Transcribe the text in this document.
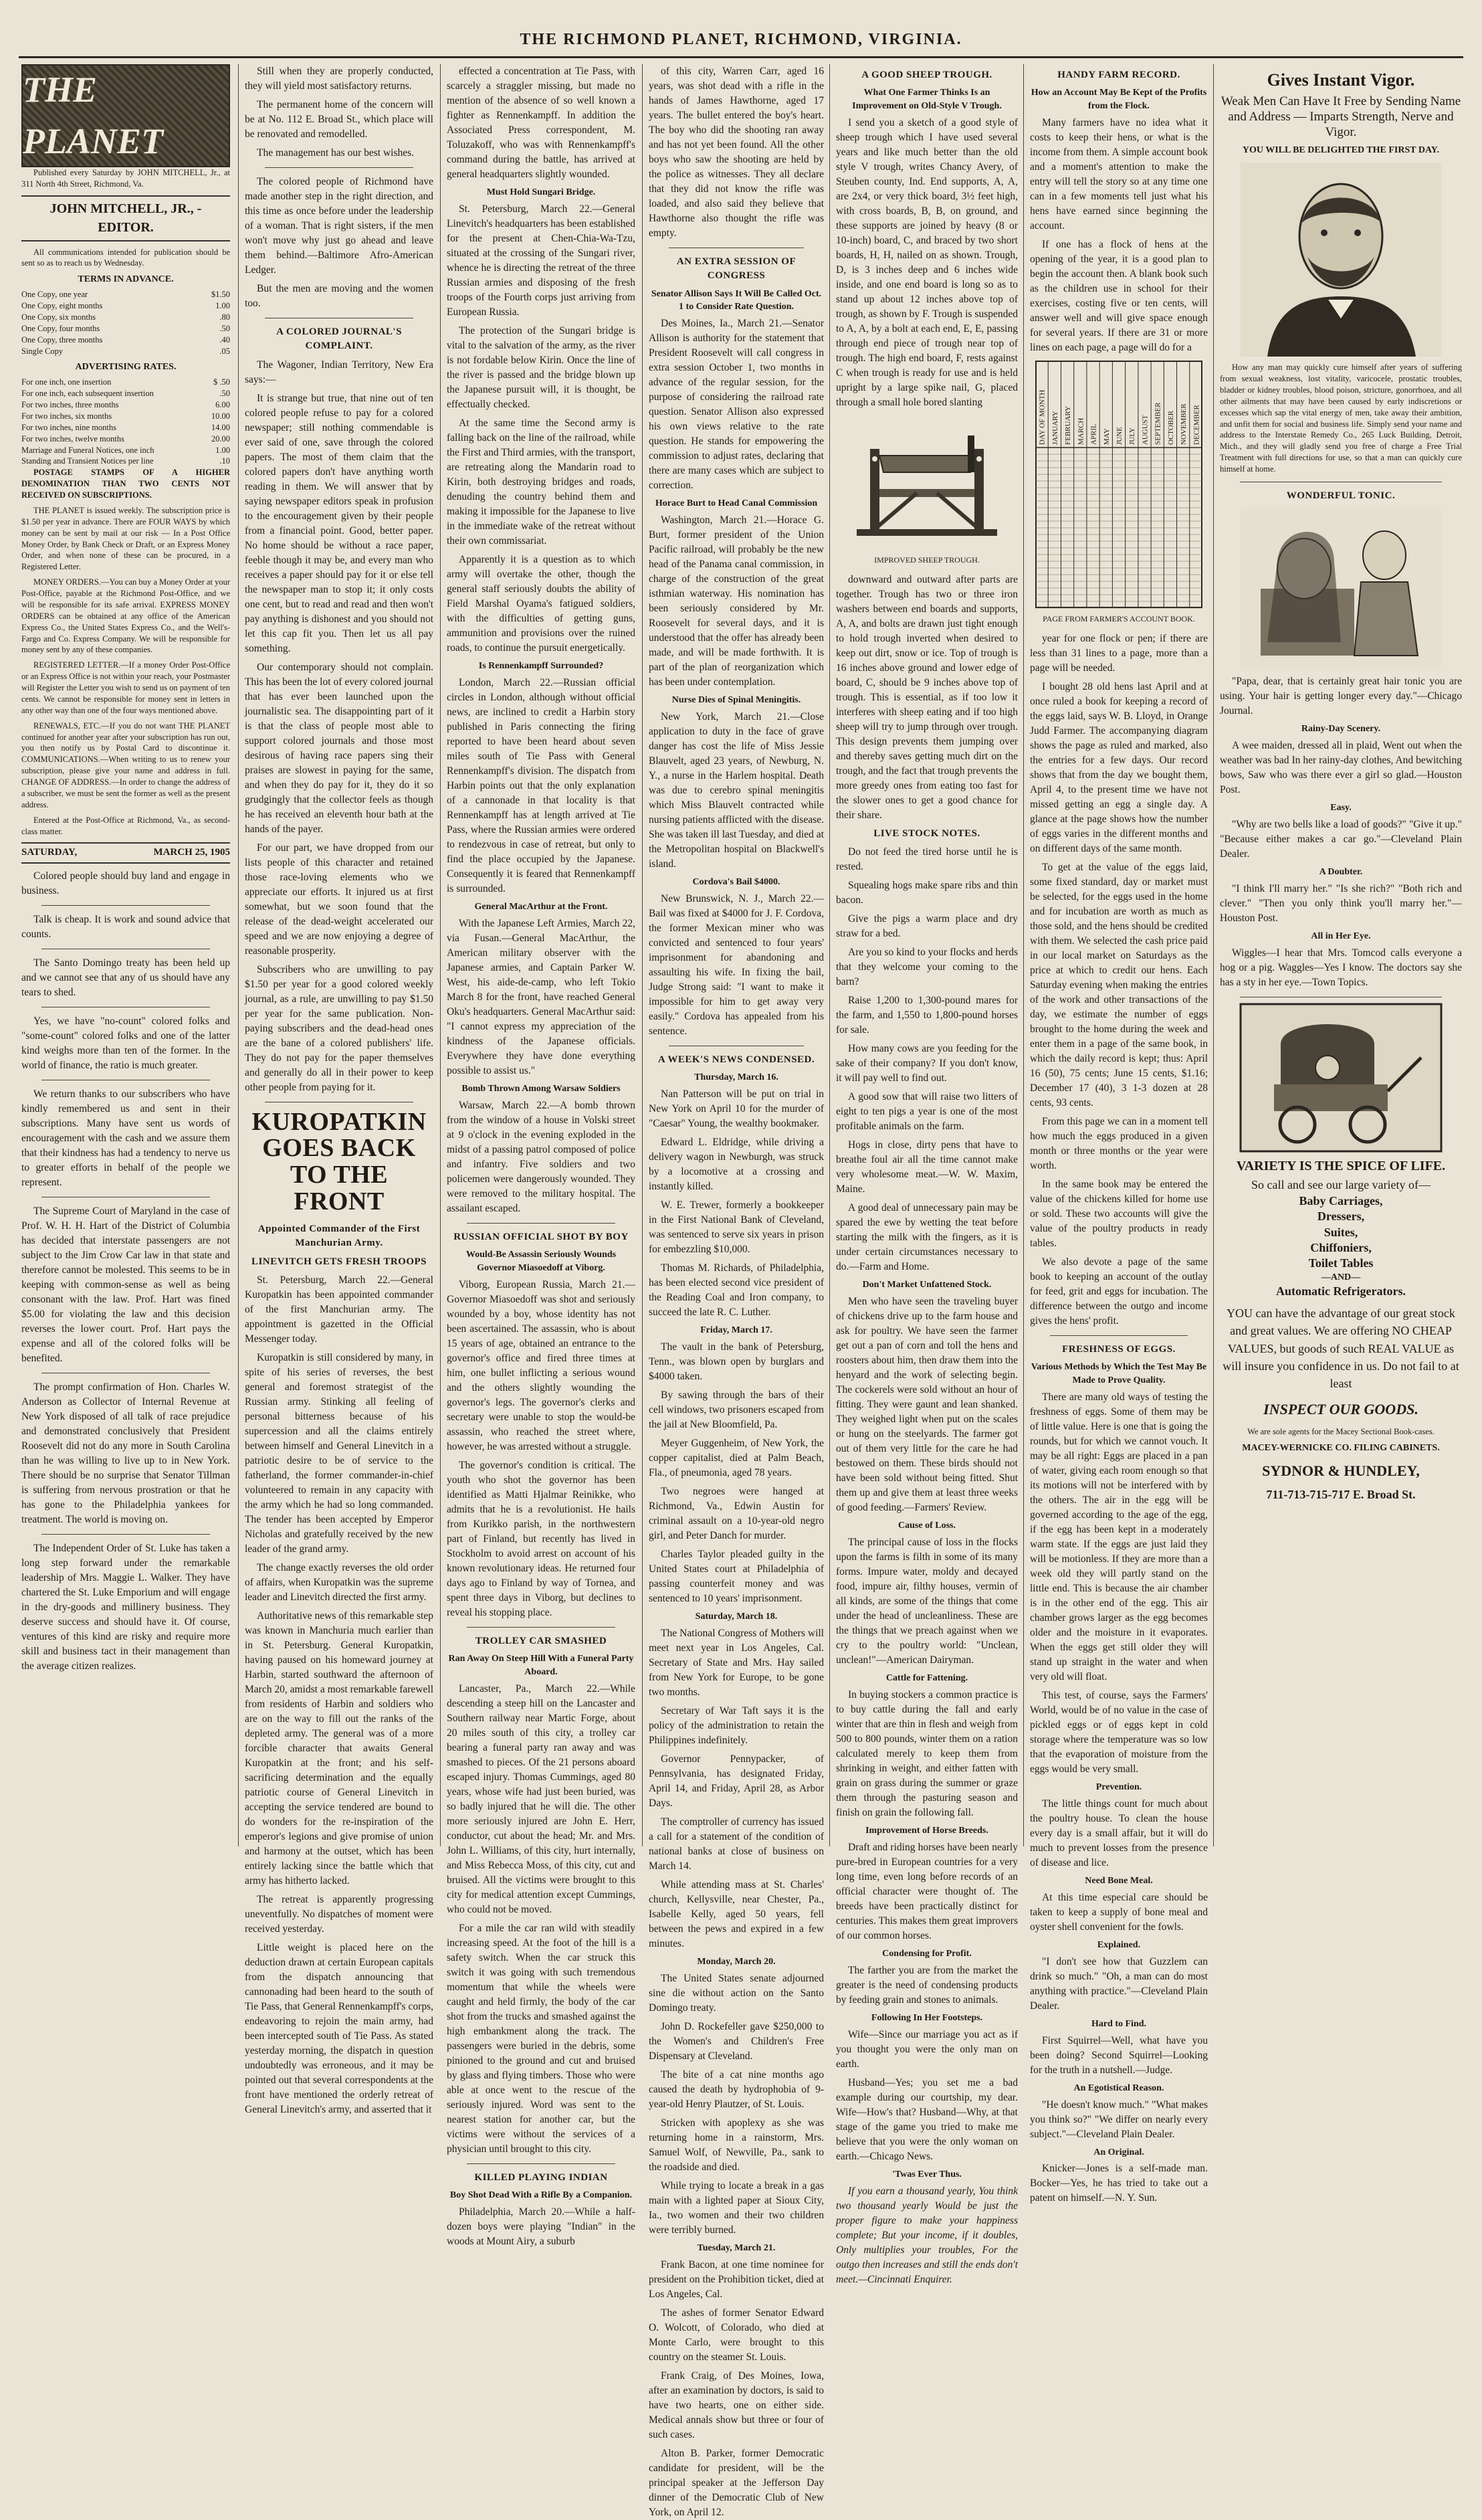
THE RICHMOND PLANET, RICHMOND, VIRGINIA.
THE PLANET

Published every Saturday by JOHN MITCHELL, Jr., at 311 North 4th Street, Richmond, Va.

JOHN MITCHELL, JR., - EDITOR.

All communications intended for publication should be sent so as to reach us by Wednesday.

TERMS IN ADVANCE.
One Copy, one year	$1.50
One Copy, eight months	1.00
One Copy, six months	.80
One Copy, four months	.50
One Copy, three months	.40
Single Copy	.05
ADVERTISING RATES.
For one inch, one insertion	$ .50
For one inch, each subsequent insertion	.50
For two inches, three months	6.00
For two inches, six months	10.00
For two inches, nine months	14.00
For two inches, twelve months	20.00
Marriage and Funeral Notices, one inch	1.00
Standing and Transient Notices per line	.10

POSTAGE STAMPS OF A HIGHER DENOMINATION THAN TWO CENTS NOT RECEIVED ON SUBSCRIPTIONS.

THE PLANET is issued weekly. The subscription price is $1.50 per year in advance. There are FOUR WAYS by which money can be sent by mail at our risk — In a Post Office Money Order, by Bank Check or Draft, or an Express Money Order, and when none of these can be procured, in a Registered Letter.

MONEY ORDERS.—You can buy a Money Order at your Post-Office, payable at the Richmond Post-Office, and we will be responsible for its safe arrival. EXPRESS MONEY ORDERS can be obtained at any office of the American Express Co., the United States Express Co., and the Well's-Fargo and Co. Express Company. We will be responsible for money sent by any of these companies.

REGISTERED LETTER.—If a money Order Post-Office or an Express Office is not within your reach, your Postmaster will Register the Letter you wish to send us on payment of ten cents. We cannot be responsible for money sent in letters in any other way than one of the four ways mentioned above.

RENEWALS, ETC.—If you do not want THE PLANET continued for another year after your subscription has run out, you then notify us by Postal Card to discontinue it. COMMUNICATIONS.—When writing to us to renew your subscription, please give your name and address in full. CHANGE OF ADDRESS.—In order to change the address of a subscriber, we must be sent the former as well as the present address.

Entered at the Post-Office at Richmond, Va., as second-class matter.

SATURDAY,	MARCH 25, 1905

Colored people should buy land and engage in business.

Talk is cheap. It is work and sound advice that counts.

The Santo Domingo treaty has been held up and we cannot see that any of us should have any tears to shed.

Yes, we have "no-count" colored folks and "some-count" colored folks and one of the latter kind weighs more than ten of the former. In the world of finance, the ratio is much greater.

We return thanks to our subscribers who have kindly remembered us and sent in their subscriptions. Many have sent us words of encouragement with the cash and we assure them that their kindness has had a tendency to nerve us to greater efforts in behalf of the people we represent.

The Supreme Court of Maryland in the case of Prof. W. H. H. Hart of the District of Columbia has decided that interstate passengers are not subject to the Jim Crow Car law in that state and therefore cannot be molested. This seems to be in keeping with common-sense as well as being consonant with the law. Prof. Hart was fined $5.00 for violating the law and this decision reverses the lower court. Prof. Hart pays the expense and all of the colored folks will be benefited.

The prompt confirmation of Hon. Charles W. Anderson as Collector of Internal Revenue at New York disposed of all talk of race prejudice and demonstrated conclusively that President Roosevelt did not do any more in South Carolina than he was willing to live up to in New York. There should be no surprise that Senator Tillman is suffering from nervous prostration or that he has gone to the Philadelphia yankees for treatment. The world is moving on.

The Independent Order of St. Luke has taken a long step forward under the remarkable leadership of Mrs. Maggie L. Walker. They have chartered the St. Luke Emporium and will engage in the dry-goods and millinery business. They deserve success and should have it. Of course, ventures of this kind are risky and require more skill and business tact in their management than the average citizen realizes.

Still when they are properly conducted, they will yield most satisfactory returns.

The permanent home of the concern will be at No. 112 E. Broad St., which place will be renovated and remodelled.

The management has our best wishes.

The colored people of Richmond have made another step in the right direction, and this time as once before under the leadership of a woman. That is right sisters, if the men won't move why just go ahead and leave them behind.—Baltimore Afro-American Ledger.

But the men are moving and the women too.

A COLORED JOURNAL'S COMPLAINT.

The Wagoner, Indian Territory, New Era says:—

It is strange but true, that nine out of ten colored people refuse to pay for a colored newspaper; still nothing commendable is ever said of one, save through the colored papers. The most of them claim that the colored papers don't have anything worth reading in them. We will answer that by saying newspaper editors speak in profusion to the encouragement given by their people from a financial point. Good, better paper. No home should be without a race paper, feeble though it may be, and every man who receives a paper should pay for it or else tell the newspaper man to stop it; it only costs one cent, but to read and read and then won't pay anything is dishonest and you should not let this cap fit you. Then let us all pay something.

Our contemporary should not complain. This has been the lot of every colored journal that has ever been launched upon the journalistic sea. The disappointing part of it is that the class of people most able to support colored journals and those most desirous of having race papers sing their praises are slowest in paying for the same, and when they do pay for it, they do it so grudgingly that the collector feels as though he has received an eleventh hour bath at the hands of the payer.

For our part, we have dropped from our lists people of this character and retained those race-loving elements who we appreciate our efforts. It injured us at first somewhat, but we soon found that the release of the dead-weight accelerated our speed and we are now enjoying a degree of reasonable prosperity.

Subscribers who are unwilling to pay $1.50 per year for a good colored weekly journal, as a rule, are unwilling to pay $1.50 per year for the same publication. Non-paying subscribers and the dead-head ones are the bane of a colored publishers' life. They do not pay for the paper themselves and generally do all in their power to keep other people from paying for it.

KUROPATKIN GOES BACK TO THE FRONT
Appointed Commander of the First Manchurian Army.
LINEVITCH GETS FRESH TROOPS

St. Petersburg, March 22.—General Kuropatkin has been appointed commander of the first Manchurian army. The appointment is gazetted in the Official Messenger today.

Kuropatkin is still considered by many, in spite of his series of reverses, the best general and foremost strategist of the Russian army. Stinking all feeling of personal bitterness because of his supercession and all the claims entirely between himself and General Linevitch in a patriotic desire to be of service to the fatherland, the former commander-in-chief volunteered to remain in any capacity with the army which he had so long commanded. The tender has been accepted by Emperor Nicholas and gratefully received by the new leader of the grand army.

The change exactly reverses the old order of affairs, when Kuropatkin was the supreme leader and Linevitch directed the first army.

Authoritative news of this remarkable step was known in Manchuria much earlier than in St. Petersburg. General Kuropatkin, having paused on his homeward journey at Harbin, started southward the afternoon of March 20, amidst a most remarkable farewell from residents of Harbin and soldiers who are on the way to fill out the ranks of the depleted army. The general was of a more forcible character that awaits General Kuropatkin at the front; and his self-sacrificing determination and the equally patriotic course of General Linevitch in accepting the service tendered are bound to do wonders for the re-inspiration of the emperor's legions and give promise of union and harmony at the outset, which has been entirely lacking since the battle which that army has hitherto lacked.

The retreat is apparently progressing uneventfully. No dispatches of moment were received yesterday.

Little weight is placed here on the deduction drawn at certain European capitals from the dispatch announcing that cannonading had been heard to the south of Tie Pass, that General Rennenkampff's corps, endeavoring to rejoin the main army, had been intercepted south of Tie Pass. As stated yesterday morning, the dispatch in question undoubtedly was erroneous, and it may be pointed out that several correspondents at the front have mentioned the orderly retreat of General Linevitch's army, and asserted that it

effected a concentration at Tie Pass, with scarcely a straggler missing, but made no mention of the absence of so well known a fighter as Rennenkampff. In addition the Associated Press correspondent, M. Toluzakoff, who was with Rennenkampff's command during the battle, has arrived at general headquarters slightly wounded.

Must Hold Sungari Bridge.

St. Petersburg, March 22.—General Linevitch's headquarters has been established for the present at Chen-Chia-Wa-Tzu, situated at the crossing of the Sungari river, whence he is directing the retreat of the three Russian armies and disposing of the fresh troops of the Fourth corps just arriving from European Russia.

The protection of the Sungari bridge is vital to the salvation of the army, as the river is not fordable below Kirin. Once the line of the river is passed and the bridge blown up the Japanese pursuit will, it is thought, be effectually checked.

At the same time the Second army is falling back on the line of the railroad, while the First and Third armies, with the transport, are retreating along the Mandarin road to Kirin, both destroying bridges and roads, denuding the country behind them and making it impossible for the Japanese to live in the immediate wake of the retreat without their own commissariat.

Apparently it is a question as to which army will overtake the other, though the general staff seriously doubts the ability of Field Marshal Oyama's fatigued soldiers, with the difficulties of getting guns, ammunition and provisions over the ruined roads, to continue the pursuit energetically.

Is Rennenkampff Surrounded?

London, March 22.—Russian official circles in London, although without official news, are inclined to credit a Harbin story published in Paris connecting the firing reported to have been heard about seven miles south of Tie Pass with General Rennenkampff's division. The dispatch from Harbin points out that the only explanation of a cannonade in that locality is that Rennenkampff has at length arrived at Tie Pass, where the Russian armies were ordered to rendezvous in case of retreat, but only to find the place occupied by the Japanese. Consequently it is feared that Rennenkampff is surrounded.

General MacArthur at the Front.

With the Japanese Left Armies, March 22, via Fusan.—General MacArthur, the American military observer with the Japanese armies, and Captain Parker W. West, his aide-de-camp, who left Tokio March 8 for the front, have reached General Oku's headquarters. General MacArthur said: "I cannot express my appreciation of the kindness of the Japanese officials. Everywhere they have done everything possible to assist us."

Bomb Thrown Among Warsaw Soldiers

Warsaw, March 22.—A bomb thrown from the window of a house in Volski street at 9 o'clock in the evening exploded in the midst of a passing patrol composed of police and infantry. Five soldiers and two policemen were dangerously wounded. They were removed to the military hospital. The assailant escaped.

RUSSIAN OFFICIAL SHOT BY BOY
Would-Be Assassin Seriously Wounds Governor Miasoedoff at Viborg.

Viborg, European Russia, March 21.—Governor Miasoedoff was shot and seriously wounded by a boy, whose identity has not been ascertained. The assassin, who is about 15 years of age, obtained an entrance to the governor's office and fired three times at him, one bullet inflicting a serious wound and the others slightly wounding the governor's legs. The governor's clerks and secretary were unable to stop the would-be assassin, who reached the street where, however, he was arrested without a struggle.

The governor's condition is critical. The youth who shot the governor has been identified as Matti Hjalmar Reinikke, who admits that he is a revolutionist. He hails from Kurikko parish, in the northwestern part of Finland, but recently has lived in Stockholm to avoid arrest on account of his known revolutionary ideas. He returned four days ago to Finland by way of Tornea, and spent three days in Viborg, but declines to reveal his stopping place.

TROLLEY CAR SMASHED
Ran Away On Steep Hill With a Funeral Party Aboard.

Lancaster, Pa., March 22.—While descending a steep hill on the Lancaster and Southern railway near Martic Forge, about 20 miles south of this city, a trolley car bearing a funeral party ran away and was smashed to pieces. Of the 21 persons aboard escaped injury. Thomas Cummings, aged 80 years, whose wife had just been buried, was so badly injured that he will die. The other more seriously injured are John E. Herr, conductor, cut about the head; Mr. and Mrs. John L. Williams, of this city, hurt internally, and Miss Rebecca Moss, of this city, cut and bruised. All the victims were brought to this city for medical attention except Cummings, who could not be moved.

For a mile the car ran wild with steadily increasing speed. At the foot of the hill is a safety switch. When the car struck this switch it was going with such tremendous momentum that while the wheels were caught and held firmly, the body of the car shot from the trucks and smashed against the high embankment along the track. The passengers were buried in the debris, some pinioned to the ground and cut and bruised by glass and flying timbers. Those who were able at once went to the rescue of the seriously injured. Word was sent to the nearest station for another car, but the victims were without the services of a physician until brought to this city.

KILLED PLAYING INDIAN
Boy Shot Dead With a Rifle By a Companion.

Philadelphia, March 20.—While a half-dozen boys were playing "Indian" in the woods at Mount Airy, a suburb

of this city, Warren Carr, aged 16 years, was shot dead with a rifle in the hands of James Hawthorne, aged 17 years. The bullet entered the boy's heart. The boy who did the shooting ran away and has not yet been found. All the other boys who saw the shooting are held by the police as witnesses. They all declare that they did not know the rifle was loaded, and also said they believe that Hawthorne also thought the rifle was empty.

AN EXTRA SESSION OF CONGRESS
Senator Allison Says It Will Be Called Oct. 1 to Consider Rate Question.

Des Moines, Ia., March 21.—Senator Allison is authority for the statement that President Roosevelt will call congress in extra session October 1, two months in advance of the regular session, for the purpose of considering the railroad rate question. Senator Allison also expressed his own views relative to the rate question. He stands for empowering the commission to adjust rates, declaring that there are many cases which are subject to correction.

Horace Burt to Head Canal Commission

Washington, March 21.—Horace G. Burt, former president of the Union Pacific railroad, will probably be the new head of the Panama canal commission, in charge of the construction of the great isthmian waterway. His nomination has been seriously considered by Mr. Roosevelt for several days, and it is understood that the offer has already been made, and will be made forthwith. It is part of the plan of reorganization which has been under contemplation.

Nurse Dies of Spinal Meningitis.

New York, March 21.—Close application to duty in the face of grave danger has cost the life of Miss Jessie Blauvelt, aged 23 years, of Newburg, N. Y., a nurse in the Harlem hospital. Death was due to cerebro spinal meningitis which Miss Blauvelt contracted while nursing patients afflicted with the disease. She was taken ill last Tuesday, and died at the Metropolitan hospital on Blackwell's island.

Cordova's Bail $4000.

New Brunswick, N. J., March 22.—Bail was fixed at $4000 for J. F. Cordova, the former Mexican miner who was convicted and sentenced to four years' imprisonment for abandoning and assaulting his wife. In fixing the bail, Judge Strong said: "I want to make it impossible for him to get away very easily." Cordova has appealed from his sentence.

A WEEK'S NEWS CONDENSED.
Thursday, March 16.

Nan Patterson will be put on trial in New York on April 10 for the murder of "Caesar" Young, the wealthy bookmaker.

Edward L. Eldridge, while driving a delivery wagon in Newburgh, was struck by a locomotive at a crossing and instantly killed.

W. E. Trewer, formerly a bookkeeper in the First National Bank of Cleveland, was sentenced to serve six years in prison for embezzling $10,000.

Thomas M. Richards, of Philadelphia, has been elected second vice president of the Reading Coal and Iron company, to succeed the late R. C. Luther.

Friday, March 17.

The vault in the bank of Petersburg, Tenn., was blown open by burglars and $4000 taken.

By sawing through the bars of their cell windows, two prisoners escaped from the jail at New Bloomfield, Pa.

Meyer Guggenheim, of New York, the copper capitalist, died at Palm Beach, Fla., of pneumonia, aged 78 years.

Two negroes were hanged at Richmond, Va., Edwin Austin for criminal assault on a 10-year-old negro girl, and Peter Danch for murder.

Charles Taylor pleaded guilty in the United States court at Philadelphia of passing counterfeit money and was sentenced to 10 years' imprisonment.

Saturday, March 18.

The National Congress of Mothers will meet next year in Los Angeles, Cal. Secretary of State and Mrs. Hay sailed from New York for Europe, to be gone two months.

Secretary of War Taft says it is the policy of the administration to retain the Philippines indefinitely.

Governor Pennypacker, of Pennsylvania, has designated Friday, April 14, and Friday, April 28, as Arbor Days.

The comptroller of currency has issued a call for a statement of the condition of national banks at close of business on March 14.

While attending mass at St. Charles' church, Kellysville, near Chester, Pa., Isabelle Kelly, aged 50 years, fell between the pews and expired in a few minutes.

Monday, March 20.

The United States senate adjourned sine die without action on the Santo Domingo treaty.

John D. Rockefeller gave $250,000 to the Women's and Children's Free Dispensary at Cleveland.

The bite of a cat nine months ago caused the death by hydrophobia of 9-year-old Henry Plautzer, of St. Louis.

Stricken with apoplexy as she was returning home in a rainstorm, Mrs. Samuel Wolf, of Newville, Pa., sank to the roadside and died.

While trying to locate a break in a gas main with a lighted paper at Sioux City, Ia., two women and their two children were terribly burned.

Tuesday, March 21.

Frank Bacon, at one time nominee for president on the Prohibition ticket, died at Los Angeles, Cal.

The ashes of former Senator Edward O. Wolcott, of Colorado, who died at Monte Carlo, were brought to this country on the steamer St. Louis.

Frank Craig, of Des Moines, Iowa, after an examination by doctors, is said to have two hearts, one on either side. Medical annals show but three or four of such cases.

Alton B. Parker, former Democratic candidate for president, will be the principal speaker at the Jefferson Day dinner of the Democratic Club of New York, on April 12.

A GOOD SHEEP TROUGH.
What One Farmer Thinks Is an Improvement on Old-Style V Trough.

I send you a sketch of a good style of sheep trough which I have used several years and like much better than the old style V trough, writes Chancy Avery, of Steuben county, Ind. End supports, A, A, are 2x4, or very thick board, 3½ feet high, with cross boards, B, B, on ground, and these supports are joined by heavy (8 or 10-inch) board, C, and braced by two short boards, H, H, nailed on as shown. Trough, D, is 3 inches deep and 6 inches wide inside, and one end board is long so as to stand up about 12 inches above top of trough, as shown by F. Trough is suspended to A, A, by a bolt at each end, E, E, passing through end piece of trough near top of trough. The high end board, F, rests against C when trough is ready for use and is held upright by a large spike nail, G, placed through a small hole bored slanting

IMPROVED SHEEP TROUGH.

downward and outward after parts are together. Trough has two or three iron washers between end boards and supports, A, A, and bolts are drawn just tight enough to hold trough inverted when desired to keep out dirt, snow or ice. Top of trough is 16 inches above ground and lower edge of board, C, should be 9 inches above top of trough. This is essential, as if too low it interferes with sheep eating and if too high sheep will try to jump through over trough. This design prevents them jumping over and thereby saves getting much dirt on the trough, and the fact that trough prevents the more greedy ones from eating too fast for the slower ones to get a good chance for their share.

LIVE STOCK NOTES.

Do not feed the tired horse until he is rested.

Squealing hogs make spare ribs and thin bacon.

Give the pigs a warm place and dry straw for a bed.

Are you so kind to your flocks and herds that they welcome your coming to the barn?

Raise 1,200 to 1,300-pound mares for the farm, and 1,550 to 1,800-pound horses for sale.

How many cows are you feeding for the sake of their company? If you don't know, it will pay well to find out.

A good sow that will raise two litters of eight to ten pigs a year is one of the most profitable animals on the farm.

Hogs in close, dirty pens that have to breathe foul air all the time cannot make very wholesome meat.—W. W. Maxim, Maine.

A good deal of unnecessary pain may be spared the ewe by wetting the teat before starting the milk with the fingers, as it is under certain circumstances necessary to do.—Farm and Home.

Don't Market Unfattened Stock.

Men who have seen the traveling buyer of chickens drive up to the farm house and ask for poultry. We have seen the farmer get out a pan of corn and toll the hens and roosters about him, then draw them into the henyard and the work of selecting begin. The cockerels were sold without an hour of fitting. They were gaunt and lean shanked. They weighed light when put on the scales or hung on the steelyards. The farmer got out of them very little for the care he had bestowed on them. These birds should not have been sold without being fitted. Shut them up and give them at least three weeks of good feeding.—Farmers' Review.

Cause of Loss.

The principal cause of loss in the flocks upon the farms is filth in some of its many forms. Impure water, moldy and decayed food, impure air, filthy houses, vermin of all kinds, are some of the things that come under the head of uncleanliness. These are the things that we preach against when we cry to the poultry world: "Unclean, unclean!"—American Dairyman.

Cattle for Fattening.

In buying stockers a common practice is to buy cattle during the fall and early winter that are thin in flesh and weigh from 500 to 800 pounds, winter them on a ration calculated merely to keep them from shrinking in weight, and either fatten with grain on grass during the summer or graze them through the pasturing season and finish on grain the following fall.

Improvement of Horse Breeds.

Draft and riding horses have been nearly pure-bred in European countries for a very long time, even long before records of an official character were thought of. The breeds have been practically distinct for centuries. This makes them great improvers of our common horses.

Condensing for Profit.

The farther you are from the market the greater is the need of condensing products by feeding grain and stones to animals.

Following In Her Footsteps.

Wife—Since our marriage you act as if you thought you were the only man on earth.

Husband—Yes; you set me a bad example during our courtship, my dear. Wife—How's that? Husband—Why, at that stage of the game you tried to make me believe that you were the only woman on earth.—Chicago News.

'Twas Ever Thus.

If you earn a thousand yearly, You think two thousand yearly Would be just the proper figure to make your happiness complete; But your income, if it doubles, Only multiplies your troubles, For the outgo then increases and still the ends don't meet.—Cincinnati Enquirer.

HANDY FARM RECORD.
How an Account May Be Kept of the Profits from the Flock.

Many farmers have no idea what it costs to keep their hens, or what is the income from them. A simple account book and a moment's attention to make the entry will tell the story so at any time one can in a few moments tell just what his hens have earned since beginning the account.

If one has a flock of hens at the opening of the year, it is a good plan to begin the account then. A blank book such as the children use in school for their exercises, costing five or ten cents, will answer well and will give space enough for several years. If there are 31 or more lines on each page, a page will do for a

DAY OF MONTH JANUARY FEBRUARY MARCH APRIL MAY JUNE JULY AUGUST SEPTEMBER OCTOBER NOVEMBER DECEMBER
PAGE FROM FARMER'S ACCOUNT BOOK.

year for one flock or pen; if there are less than 31 lines to a page, more than a page will be needed.

I bought 28 old hens last April and at once ruled a book for keeping a record of the eggs laid, says W. B. Lloyd, in Orange Judd Farmer. The accompanying diagram shows the page as ruled and marked, also the entries for a few days. Our record shows that from the day we bought them, April 4, to the present time we have not missed getting an egg a single day. A glance at the page shows how the number of eggs varies in the different months and on different days of the same month.

To get at the value of the eggs laid, some fixed standard, day or market must be selected, for the eggs used in the home and for incubation are worth as much as those sold, and the hens should be credited with them. We selected the cash price paid in our local market on Saturdays as the price at which to credit our hens. Each Saturday evening when making the entries of the work and other transactions of the day, we estimate the number of eggs brought to the home during the week and enter them in a page of the same book, in which the daily record is kept; thus: April 16 (50), 75 cents; June 15 cents, $1.16; December 17 (40), 3 1-3 dozen at 28 cents, 93 cents.

From this page we can in a moment tell how much the eggs produced in a given month or three months or the year were worth.

In the same book may be entered the value of the chickens killed for home use or sold. These two accounts will give the value of the poultry products in ready tables.

We also devote a page of the same book to keeping an account of the outlay for feed, grit and eggs for incubation. The difference between the outgo and income gives the hens' profit.

FRESHNESS OF EGGS.
Various Methods by Which the Test May Be Made to Prove Quality.

There are many old ways of testing the freshness of eggs. Some of them may be of little value. Here is one that is going the rounds, but for which we cannot vouch. It may be all right: Eggs are placed in a pan of water, giving each room enough so that its motions will not be interfered with by the others. The air in the egg will be governed according to the age of the egg, if the egg has been kept in a moderately warm state. If the eggs are just laid they will be motionless. If they are more than a week old they will partly stand on the little end. This is because the air chamber is in the other end of the egg. This air chamber grows larger as the egg becomes older and the moisture in it evaporates. When the eggs get still older they will stand up straight in the water and when very old will float.

This test, of course, says the Farmers' World, would be of no value in the case of pickled eggs or of eggs kept in cold storage where the temperature was so low that the evaporation of moisture from the eggs would be very small.

Prevention.

The little things count for much about the poultry house. To clean the house every day is a small affair, but it will do much to prevent losses from the presence of disease and lice.

Need Bone Meal.

At this time especial care should be taken to keep a supply of bone meal and oyster shell convenient for the fowls.

Explained.

"I don't see how that Guzzlem can drink so much." "Oh, a man can do most anything with practice."—Cleveland Plain Dealer.

Hard to Find.

First Squirrel—Well, what have you been doing? Second Squirrel—Looking for the truth in a nutshell.—Judge.

An Egotistical Reason.

"He doesn't know much." "What makes you think so?" "We differ on nearly every subject."—Cleveland Plain Dealer.

An Original.

Knicker—Jones is a self-made man. Bocker—Yes, he has tried to take out a patent on himself.—N. Y. Sun.

Gives Instant Vigor.
Weak Men Can Have It Free by Sending Name and Address — Imparts Strength, Nerve and Vigor.
YOU WILL BE DELIGHTED THE FIRST DAY.

How any man may quickly cure himself after years of suffering from sexual weakness, lost vitality, varicocele, prostatic troubles, bladder or kidney troubles, blood poison, stricture, gonorrhoea, and all other ailments that may have been caused by early indiscretions or excesses which sap the vital energy of men, take away their ambition, and unfit them for social and business life. Simply send your name and address to the Interstate Remedy Co., 265 Luck Building, Detroit, Mich., and they will gladly send you free of charge a Free Trial Treatment with full directions for use, so that a man can quickly cure himself at home.

WONDERFUL TONIC.

"Papa, dear, that is certainly great hair tonic you are using. Your hair is getting longer every day."—Chicago Journal.

Rainy-Day Scenery.

A wee maiden, dressed all in plaid, Went out when the weather was bad In her rainy-day clothes, And bewitching bows, Saw who was there ever a girl so glad.—Houston Post.

Easy.

"Why are two bells like a load of goods?" "Give it up." "Because either makes a car go."—Cleveland Plain Dealer.

A Doubter.

"I think I'll marry her." "Is she rich?" "Both rich and clever." "Then you only think you'll marry her."—Houston Post.

All in Her Eye.

Wiggles—I hear that Mrs. Tomcod calls everyone a hog or a pig. Waggles—Yes I know. The doctors say she has a sty in her eye.—Town Topics.

VARIETY IS THE SPICE OF LIFE.
So call and see our large variety of—
Baby Carriages,
Dressers,
Suites,
Chiffoniers,
Toilet Tables
—AND—
Automatic Refrigerators.

YOU can have the advantage of our great stock and great values. We are offering NO CHEAP VALUES, but goods of such REAL VALUE as will insure you confidence in us. Do not fail to at least

INSPECT OUR GOODS.

We are sole agents for the Macey Sectional Book-cases.

MACEY-WERNICKE CO. FILING CABINETS.
SYDNOR & HUNDLEY,
711-713-715-717 E. Broad St.
